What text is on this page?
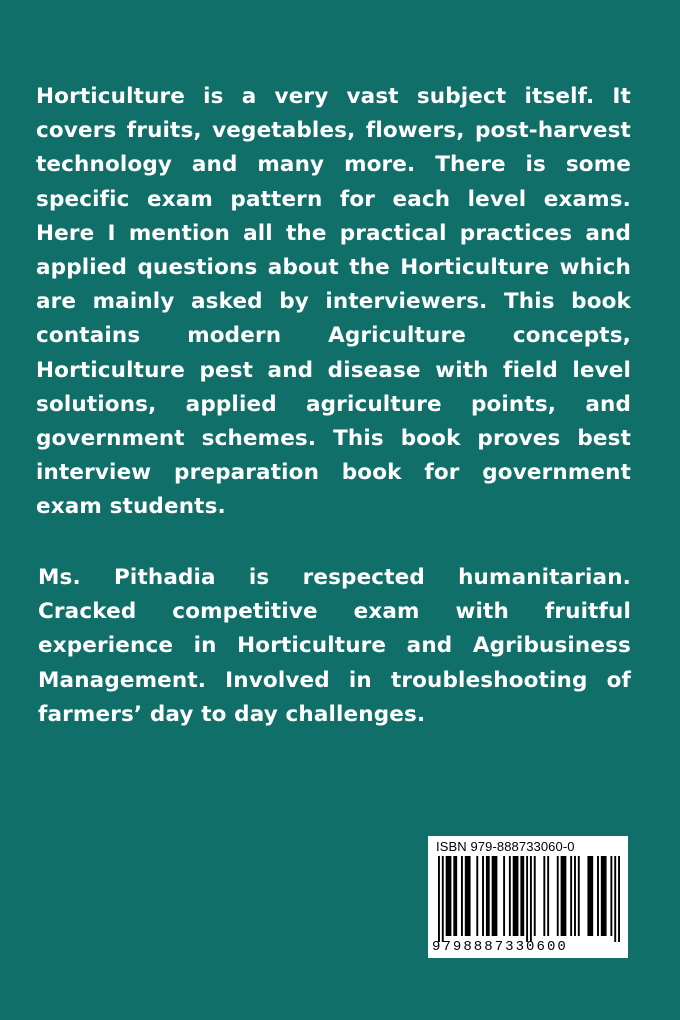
Horticulture is a very vast subject itself. It covers fruits, vegetables, flowers, post-harvest technology and many more. There is some specific exam pattern for each level exams. Here I mention all the practical practices and applied questions about the Horticulture which are mainly asked by interviewers. This book contains modern Agriculture concepts, Horticulture pest and disease with field level solutions, applied agriculture points, and government schemes. This book proves best interview preparation book for government exam students.

Ms. Pithadia is respected humanitarian. Cracked competitive exam with fruitful experience in Horticulture and Agribusiness Management. Involved in troubleshooting of farmers’ day to day challenges.

ISBN 979-888733060-0

9798887330600
